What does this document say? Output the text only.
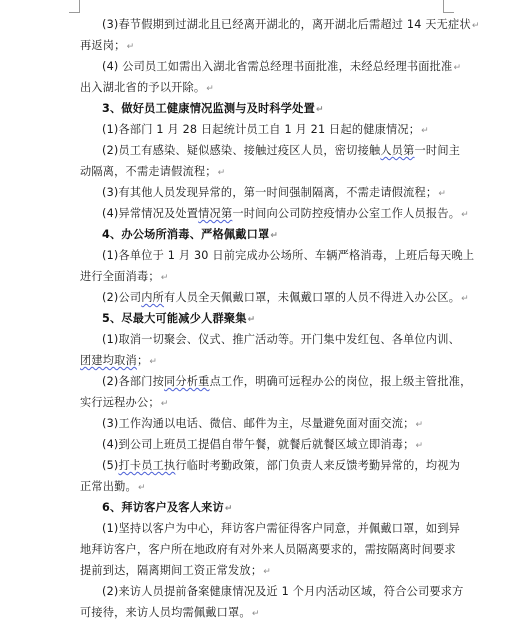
(3)春节假期到过湖北且已经离开湖北的，离开湖北后需超过 14 天无症状↵
再返岗；↵
(4) 公司员工如需出入湖北省需总经理书面批准，未经总经理书面批准↵
出入湖北省的予以开除。↵
3、做好员工健康情况监测与及时科学处置↵
(1)各部门 1 月 28 日起统计员工自 1 月 21 日起的健康情况；↵
(2)员工有感染、疑似感染、接触过疫区人员，密切接触人员第一时间主
动隔离，不需走请假流程；↵
(3)有其他人员发现异常的，第一时间强制隔离，不需走请假流程；↵
(4)异常情况及处置情况第一时间向公司防控疫情办公室工作人员报告。↵
4、办公场所消毒、严格佩戴口罩↵
(1)各单位于 1 月 30 日前完成办公场所、车辆严格消毒，上班后每天晚上
进行全面消毒；↵
(2)公司内所有人员全天佩戴口罩，未佩戴口罩的人员不得进入办公区。↵
5、尽最大可能减少人群聚集↵
(1)取消一切聚会、仪式、推广活动等。开门集中发红包、各单位内训、
团建均取消；↵
(2)各部门按同分析重点工作，明确可远程办公的岗位，报上级主管批准，
实行远程办公；↵
(3)工作沟通以电话、微信、邮件为主，尽量避免面对面交流；↵
(4)到公司上班员工提倡自带午餐，就餐后就餐区域立即消毒；↵
(5)打卡员工执行临时考勤政策，部门负责人来反馈考勤异常的，均视为
正常出勤。↵
6、拜访客户及客人来访↵
(1)坚持以客户为中心，拜访客户需征得客户同意，并佩戴口罩，如到异
地拜访客户，客户所在地政府有对外来人员隔离要求的，需按隔离时间要求
提前到达，隔离期间工资正常发放；↵
(2)来访人员提前备案健康情况及近 1 个月内活动区域，符合公司要求方
可接待，来访人员均需佩戴口罩。↵
